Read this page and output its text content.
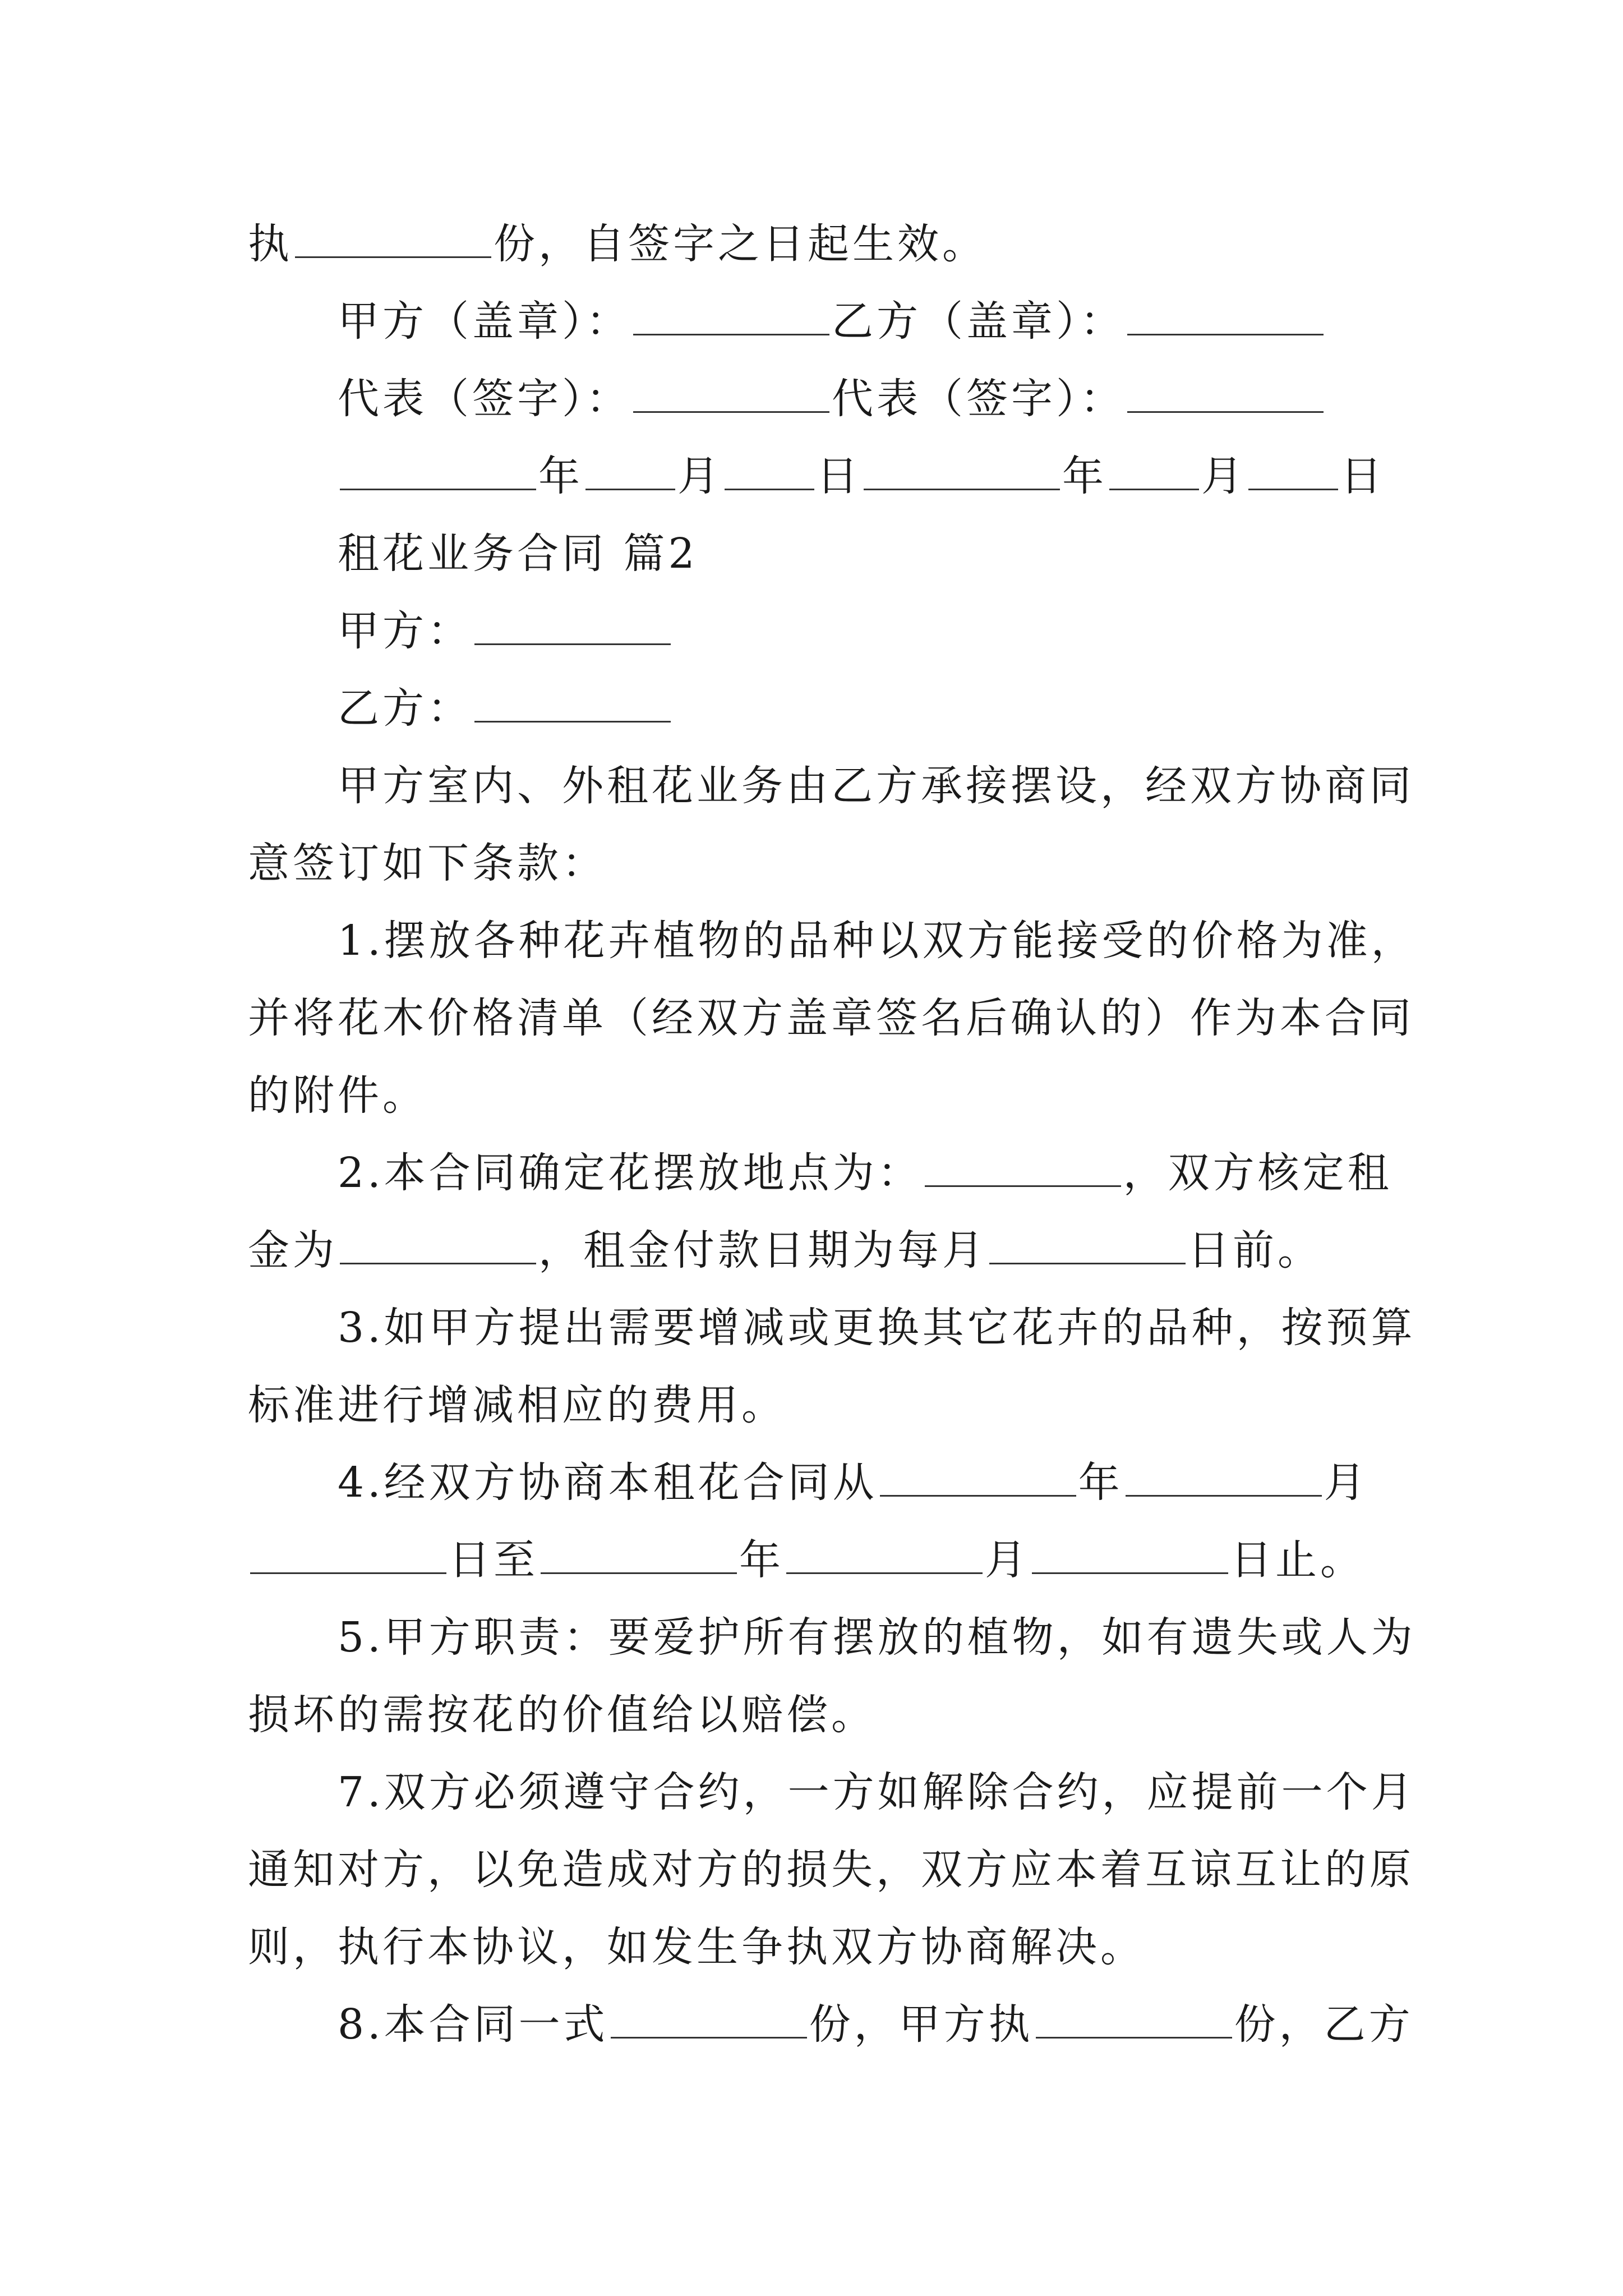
执	份，自签字之日起生效。
甲方（盖章）：	乙方（盖章）：
代表（签字）：	代表（签字）：
年 月 日	年 月 日
租花业务合同 篇2
甲方：
乙方：
甲方室内、外租花业务由乙方承接摆设，经双方协商同
意签订如下条款：
1.摆放各种花卉植物的品种以双方能接受的价格为准，
并将花木价格清单（经双方盖章签名后确认的）作为本合同
的附件。
2.本合同确定花摆放地点为：	，双方核定租
金为	，租金付款日期为每月	日前。
3.如甲方提出需要增减或更换其它花卉的品种，按预算
标准进行增减相应的费用。
4.经双方协商本租花合同从	年	月
日至	年	月	日止。
5.甲方职责：要爱护所有摆放的植物，如有遗失或人为
损坏的需按花的价值给以赔偿。
7.双方必须遵守合约，一方如解除合约，应提前一个月
通知对方，以免造成对方的损失，双方应本着互谅互让的原
则，执行本协议，如发生争执双方协商解决。
8.本合同一式	份，甲方执	份，乙方
